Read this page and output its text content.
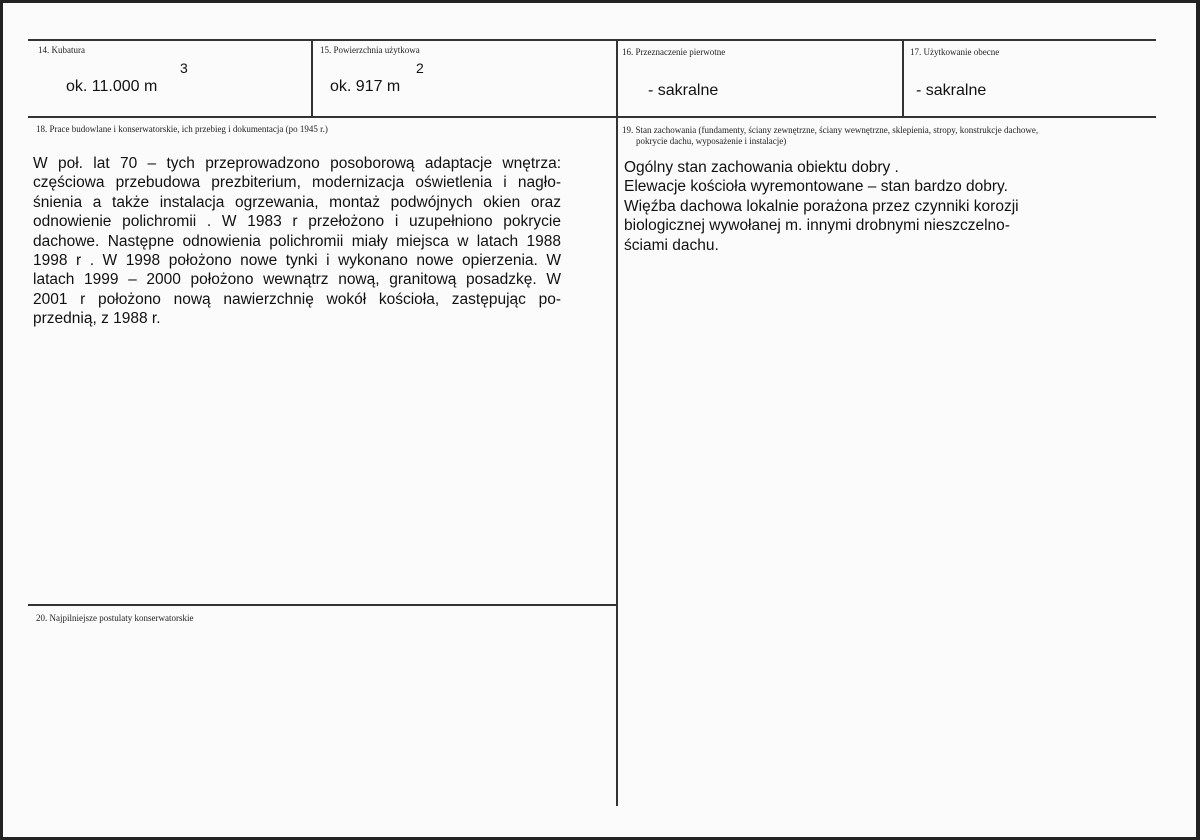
14. Kubatura
3
ok. 11.000 m
15. Powierzchnia użytkowa
2
ok. 917 m
16. Przeznaczenie pierwotne
- sakralne
17. Użytkowanie obecne
- sakralne
18. Prace budowlane i konserwatorskie, ich przebieg i dokumentacja (po 1945 r.)
W poł. lat 70 – tych przeprowadzono posoborową adaptacje wnętrza:
częściowa przebudowa prezbiterium, modernizacja oświetlenia i nagło-
śnienia a także instalacja ogrzewania, montaż podwójnych okien oraz
odnowienie polichromii . W 1983 r przełożono i uzupełniono pokrycie
dachowe. Następne odnowienia polichromii miały miejsca w latach 1988
1998 r . W 1998 położono nowe tynki i wykonano nowe opierzenia. W
latach 1999 – 2000 położono wewnątrz nową, granitową posadzkę. W
2001 r położono nową nawierzchnię wokół kościoła, zastępując po-
przednią, z 1988 r.
19. Stan zachowania (fundamenty, ściany zewnętrzne, ściany wewnętrzne, sklepienia, stropy, konstrukcje dachowe,
pokrycie dachu, wyposażenie i instalacje)
Ogólny stan zachowania obiektu dobry .
Elewacje kościoła wyremontowane – stan bardzo dobry.
Więźba dachowa lokalnie porażona przez czynniki korozji
biologicznej wywołanej m. innymi drobnymi nieszczelno-
ściami dachu.
20. Najpilniejsze postulaty konserwatorskie
